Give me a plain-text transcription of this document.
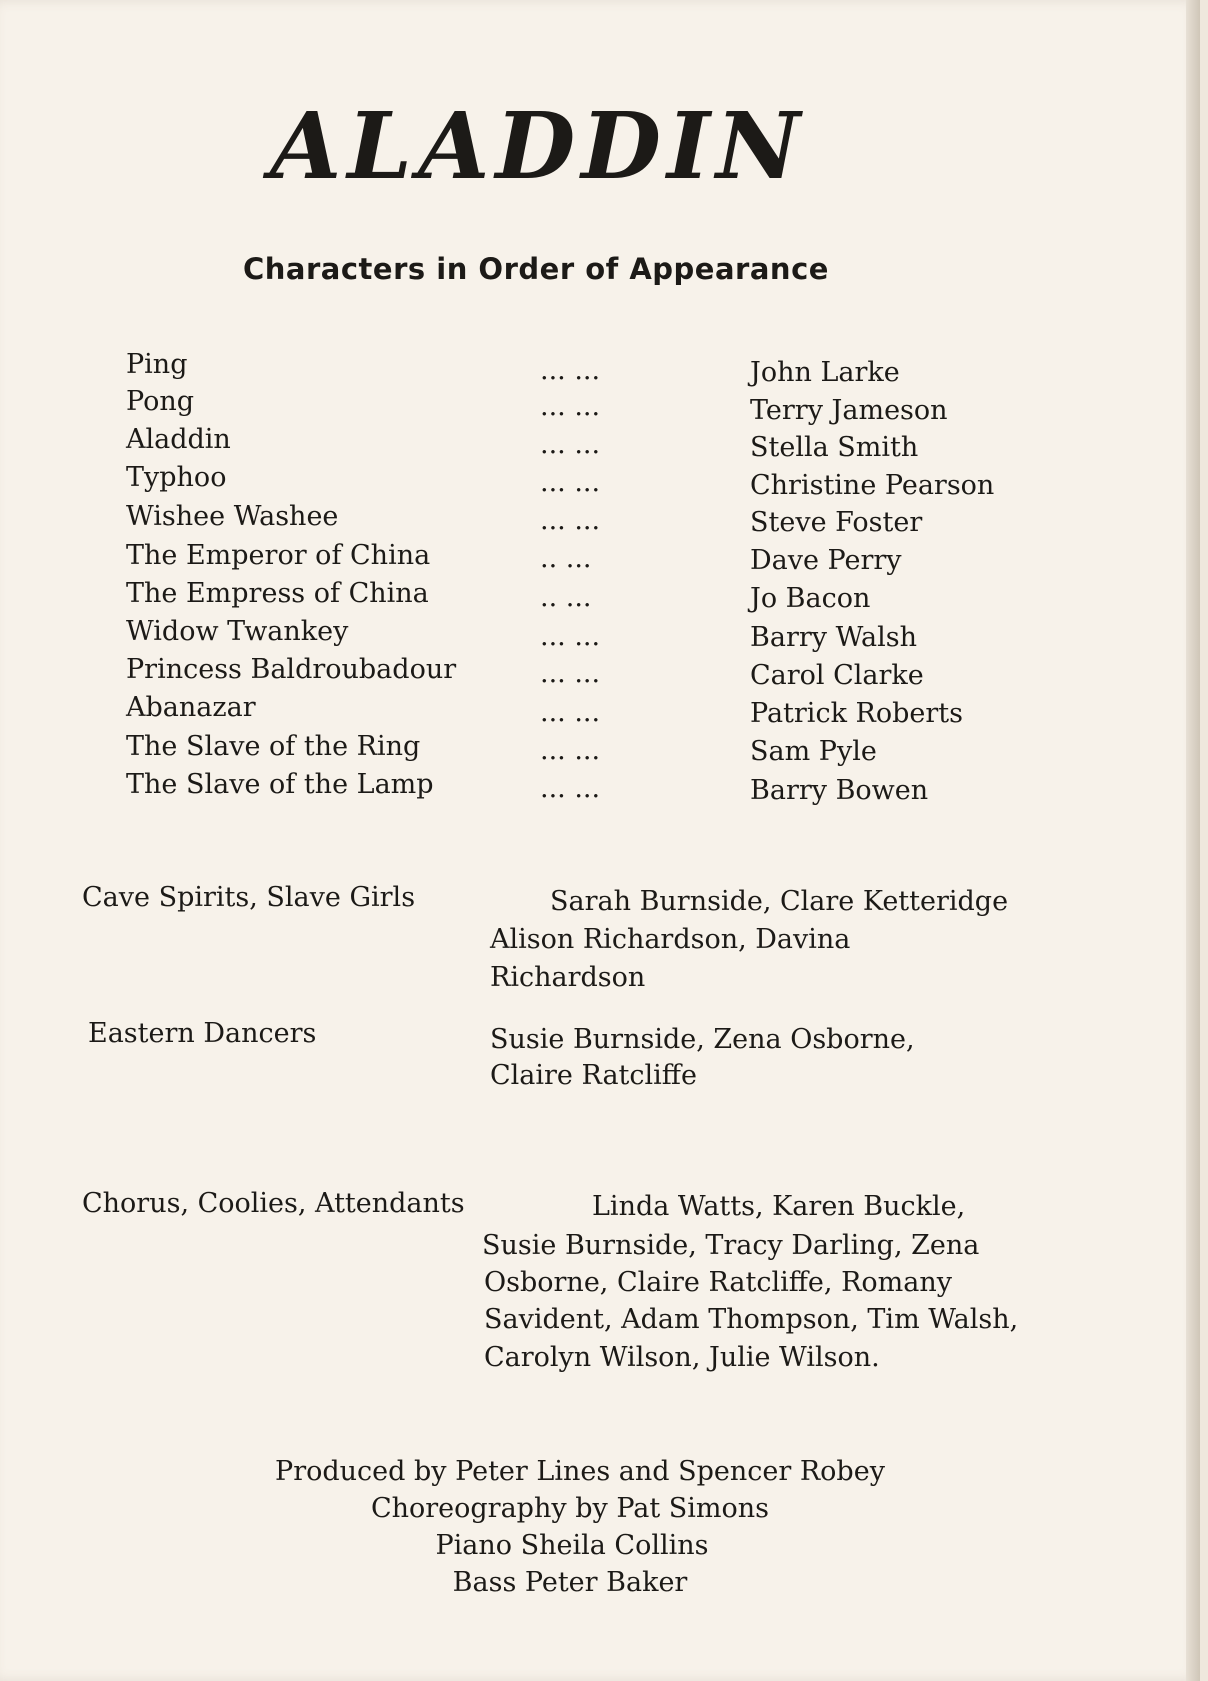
ALADDIN
Characters in Order of Appearance
Ping	... ...	John Larke
Pong	... ...	Terry Jameson
Aladdin	... ...	Stella Smith
Typhoo	... ...	Christine Pearson
Wishee Washee	... ...	Steve Foster
The Emperor of China	.. ...	Dave Perry
The Empress of China	.. ...	Jo Bacon
Widow Twankey	... ...	Barry Walsh
Princess Baldroubadour	... ...	Carol Clarke
Abanazar	... ...	Patrick Roberts
The Slave of the Ring	... ...	Sam Pyle
The Slave of the Lamp	... ...	Barry Bowen
Cave Spirits, Slave Girls	Sarah Burnside, Clare Ketteridge
Alison Richardson, Davina
Richardson
Eastern Dancers	Susie Burnside, Zena Osborne,
Claire Ratcliffe
Chorus, Coolies, Attendants	Linda Watts, Karen Buckle,
Susie Burnside, Tracy Darling, Zena
Osborne, Claire Ratcliffe, Romany
Savident, Adam Thompson, Tim Walsh,
Carolyn Wilson, Julie Wilson.
Produced by Peter Lines and Spencer Robey
Choreography by Pat Simons
Piano Sheila Collins
Bass Peter Baker
